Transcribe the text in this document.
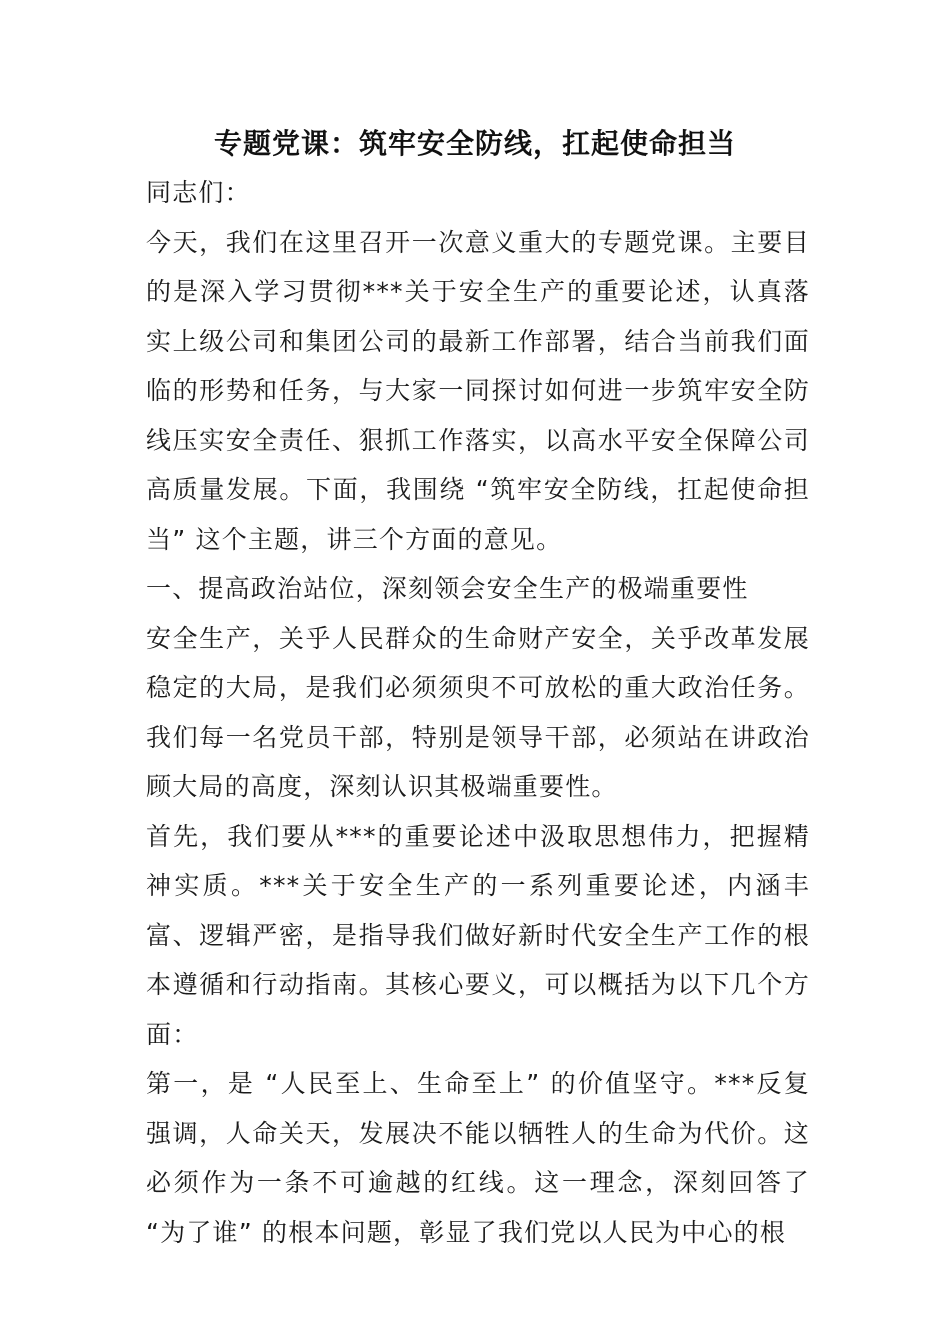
专题党课：筑牢安全防线，扛起使命担当

同志们：

今天，我们在这里召开一次意义重大的专题党课。主要目的是深入学习贯彻***关于安全生产的重要论述，认真落实上级公司和集团公司的最新工作部署，结合当前我们面临的形势和任务，与大家一同探讨如何进一步筑牢安全防线压实安全责任、狠抓工作落实，以高水平安全保障公司高质量发展。下面，我围绕 “筑牢安全防线，扛起使命担当” 这个主题，讲三个方面的意见。

一、提高政治站位，深刻领会安全生产的极端重要性

安全生产，关乎人民群众的生命财产安全，关乎改革发展稳定的大局，是我们必须须臾不可放松的重大政治任务。我们每一名党员干部，特别是领导干部，必须站在讲政治顾大局的高度，深刻认识其极端重要性。

首先，我们要从***的重要论述中汲取思想伟力，把握精神实质。***关于安全生产的一系列重要论述，内涵丰富、逻辑严密，是指导我们做好新时代安全生产工作的根本遵循和行动指南。其核心要义，可以概括为以下几个方面：

第一，是 “人民至上、生命至上” 的价值坚守。***反复强调，人命关天，发展决不能以牺牲人的生命为代价。这必须作为一条不可逾越的红线。这一理念，深刻回答了 “为了谁” 的根本问题，彰显了我们党以人民为中心的根
